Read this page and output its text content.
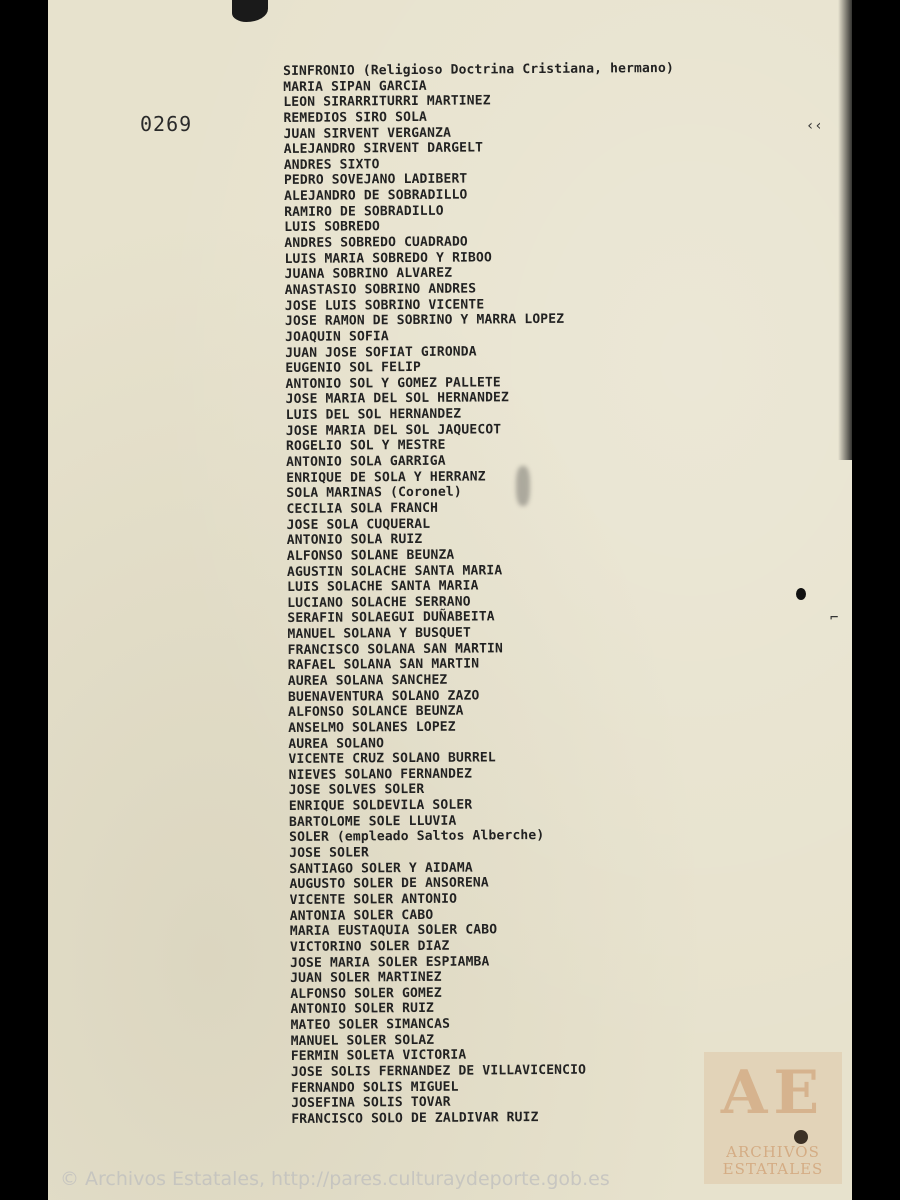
‹‹
⌐
0269
SINFRONIO (Religioso Doctrina Cristiana, hermano)
MARIA SIPAN GARCIA
LEON SIRARRITURRI MARTINEZ
REMEDIOS SIRO SOLA
JUAN SIRVENT VERGANZA
ALEJANDRO SIRVENT DARGELT
ANDRES SIXTO
PEDRO SOVEJANO LADIBERT
ALEJANDRO DE SOBRADILLO
RAMIRO DE SOBRADILLO
LUIS SOBREDO
ANDRES SOBREDO CUADRADO
LUIS MARIA SOBREDO Y RIBOO
JUANA SOBRINO ALVAREZ
ANASTASIO SOBRINO ANDRES
JOSE LUIS SOBRINO VICENTE
JOSE RAMON DE SOBRINO Y MARRA LOPEZ
JOAQUIN SOFIA
JUAN JOSE SOFIAT GIRONDA
EUGENIO SOL FELIP
ANTONIO SOL Y GOMEZ PALLETE
JOSE MARIA DEL SOL HERNANDEZ
LUIS DEL SOL HERNANDEZ
JOSE MARIA DEL SOL JAQUECOT
ROGELIO SOL Y MESTRE
ANTONIO SOLA GARRIGA
ENRIQUE DE SOLA Y HERRANZ
SOLA MARINAS (Coronel)
CECILIA SOLA FRANCH
JOSE SOLA CUQUERAL
ANTONIO SOLA RUIZ
ALFONSO SOLANE BEUNZA
AGUSTIN SOLACHE SANTA MARIA
LUIS SOLACHE SANTA MARIA
LUCIANO SOLACHE SERRANO
SERAFIN SOLAEGUI DUÑABEITA
MANUEL SOLANA Y BUSQUET
FRANCISCO SOLANA SAN MARTIN
RAFAEL SOLANA SAN MARTIN
AUREA SOLANA SANCHEZ
BUENAVENTURA SOLANO ZAZO
ALFONSO SOLANCE BEUNZA
ANSELMO SOLANES LOPEZ
AUREA SOLANO
VICENTE CRUZ SOLANO BURREL
NIEVES SOLANO FERNANDEZ
JOSE SOLVES SOLER
ENRIQUE SOLDEVILA SOLER
BARTOLOME SOLE LLUVIA
SOLER (empleado Saltos Alberche)
JOSE SOLER
SANTIAGO SOLER Y AIDAMA
AUGUSTO SOLER DE ANSORENA
VICENTE SOLER ANTONIO
ANTONIA SOLER CABO
MARIA EUSTAQUIA SOLER CABO
VICTORINO SOLER DIAZ
JOSE MARIA SOLER ESPIAMBA
JUAN SOLER MARTINEZ
ALFONSO SOLER GOMEZ
ANTONIO SOLER RUIZ
MATEO SOLER SIMANCAS
MANUEL SOLER SOLAZ
FERMIN SOLETA VICTORIA
JOSE SOLIS FERNANDEZ DE VILLAVICENCIO
FERNANDO SOLIS MIGUEL
JOSEFINA SOLIS TOVAR
FRANCISCO SOLO DE ZALDIVAR RUIZ
© Archivos Estatales, http://pares.culturaydeporte.gob.es
AE
ARCHIVOS ESTATALES
